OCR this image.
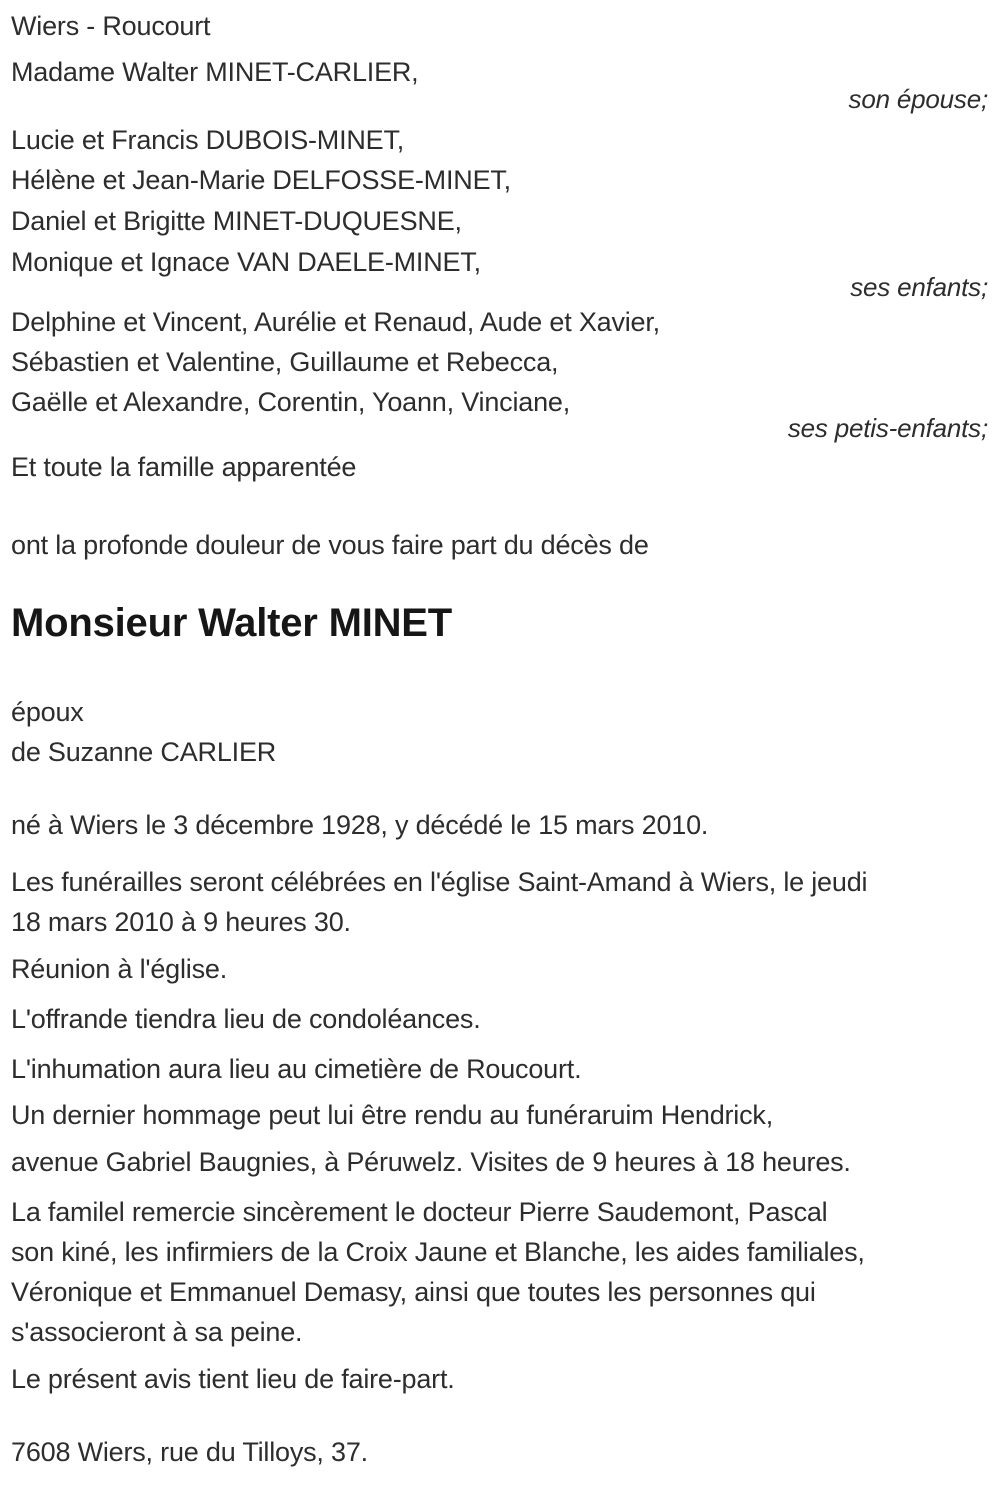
Wiers - Roucourt
Madame Walter MINET-CARLIER,
son épouse;
Lucie et Francis DUBOIS-MINET,
Hélène et Jean-Marie DELFOSSE-MINET,
Daniel et Brigitte MINET-DUQUESNE,
Monique et Ignace VAN DAELE-MINET,
ses enfants;
Delphine et Vincent, Aurélie et Renaud, Aude et Xavier,
Sébastien et Valentine, Guillaume et Rebecca,
Gaëlle et Alexandre, Corentin, Yoann, Vinciane,
ses petis-enfants;
Et toute la famille apparentée
ont la profonde douleur de vous faire part du décès de
Monsieur Walter MINET
époux
de Suzanne CARLIER
né à Wiers le 3 décembre 1928, y décédé le 15 mars 2010.
Les funérailles seront célébrées en l'église Saint-Amand à Wiers, le jeudi
18 mars 2010 à 9 heures 30.
Réunion à l'église.
L'offrande tiendra lieu de condoléances.
L'inhumation aura lieu au cimetière de Roucourt.
Un dernier hommage peut lui être rendu au funéraruim Hendrick,
avenue Gabriel Baugnies, à Péruwelz. Visites de 9 heures à 18 heures.
La familel remercie sincèrement le docteur Pierre Saudemont, Pascal
son kiné, les infirmiers de la Croix Jaune et Blanche, les aides familiales,
Véronique et Emmanuel Demasy, ainsi que toutes les personnes qui
s'associeront à sa peine.
Le présent avis tient lieu de faire-part.
7608 Wiers, rue du Tilloys, 37.
